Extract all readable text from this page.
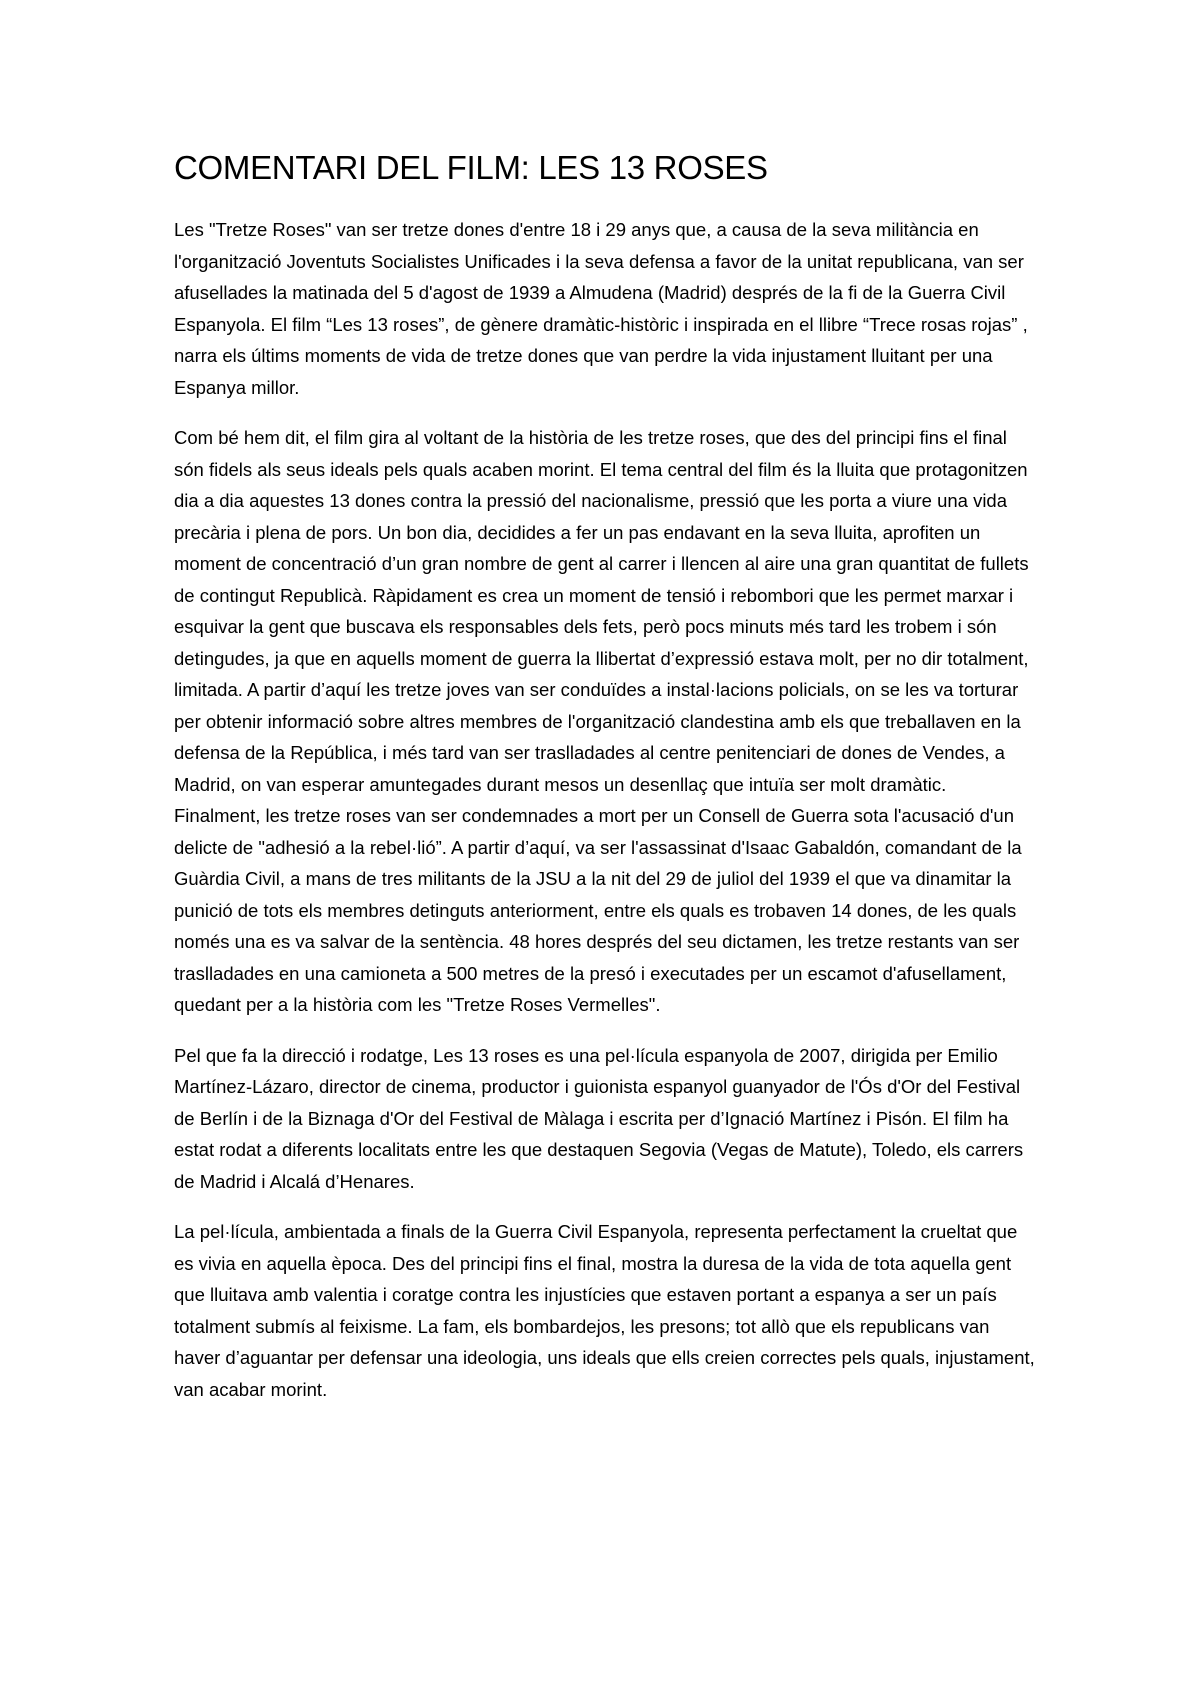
COMENTARI DEL FILM: LES 13 ROSES

Les "Tretze Roses" van ser tretze dones d'entre 18 i 29 anys que, a causa de la seva militància en l'organització Joventuts Socialistes Unificades i la seva defensa a favor de la unitat republicana, van ser afusellades la matinada del 5 d'agost de 1939 a Almudena (Madrid) després de la fi de la Guerra Civil Espanyola. El film “Les 13 roses”, de gènere dramàtic-històric i inspirada en el llibre “Trece rosas rojas” , narra els últims moments de vida de tretze dones que van perdre la vida injustament lluitant per una Espanya millor.

Com bé hem dit, el film gira al voltant de la història de les tretze roses, que des del principi fins el final són fidels als seus ideals pels quals acaben morint. El tema central del film és la lluita que protagonitzen dia a dia aquestes 13 dones contra la pressió del nacionalisme, pressió que les porta a viure una vida precària i plena de pors. Un bon dia, decidides a fer un pas endavant en la seva lluita, aprofiten un moment de concentració d’un gran nombre de gent al carrer i llencen al aire una gran quantitat de fullets de contingut Republicà. Ràpidament es crea un moment de tensió i rebombori que les permet marxar i esquivar la gent que buscava els responsables dels fets, però pocs minuts més tard les trobem i són detingudes, ja que en aquells moment de guerra la llibertat d’expressió estava molt, per no dir totalment, limitada. A partir d’aquí les tretze joves van ser conduïdes a instal·lacions policials, on se les va torturar per obtenir informació sobre altres membres de l'organització clandestina amb els que treballaven en la defensa de la República, i més tard van ser traslladades al centre penitenciari de dones de Vendes, a Madrid, on van esperar amuntegades durant mesos un desenllaç que intuïa ser molt dramàtic. Finalment, les tretze roses van ser condemnades a mort per un Consell de Guerra sota l'acusació d'un delicte de "adhesió a la rebel·lió”. A partir d’aquí, va ser l'assassinat d'Isaac Gabaldón, comandant de la Guàrdia Civil, a mans de tres militants de la JSU a la nit del 29 de juliol del 1939 el que va dinamitar la punició de tots els membres detinguts anteriorment, entre els quals es trobaven 14 dones, de les quals només una es va salvar de la sentència. 48 hores després del seu dictamen, les tretze restants van ser traslladades en una camioneta a 500 metres de la presó i executades per un escamot d'afusellament, quedant per a la història com les "Tretze Roses Vermelles".

Pel que fa la direcció i rodatge, Les 13 roses es una pel·lícula espanyola de 2007, dirigida per Emilio Martínez-Lázaro, director de cinema, productor i guionista espanyol guanyador de l'Ós d'Or del Festival de Berlín i de la Biznaga d'Or del Festival de Màlaga i escrita per d’Ignació Martínez i Pisón. El film ha estat rodat a diferents localitats entre les que destaquen Segovia (Vegas de Matute), Toledo, els carrers de Madrid i Alcalá d’Henares.

La pel·lícula, ambientada a finals de la Guerra Civil Espanyola, representa perfectament la crueltat que es vivia en aquella època. Des del principi fins el final, mostra la duresa de la vida de tota aquella gent que lluitava amb valentia i coratge contra les injustícies que estaven portant a espanya a ser un país totalment submís al feixisme. La fam, els bombardejos, les presons; tot allò que els republicans van haver d’aguantar per defensar una ideologia, uns ideals que ells creien correctes pels quals, injustament, van acabar morint.
